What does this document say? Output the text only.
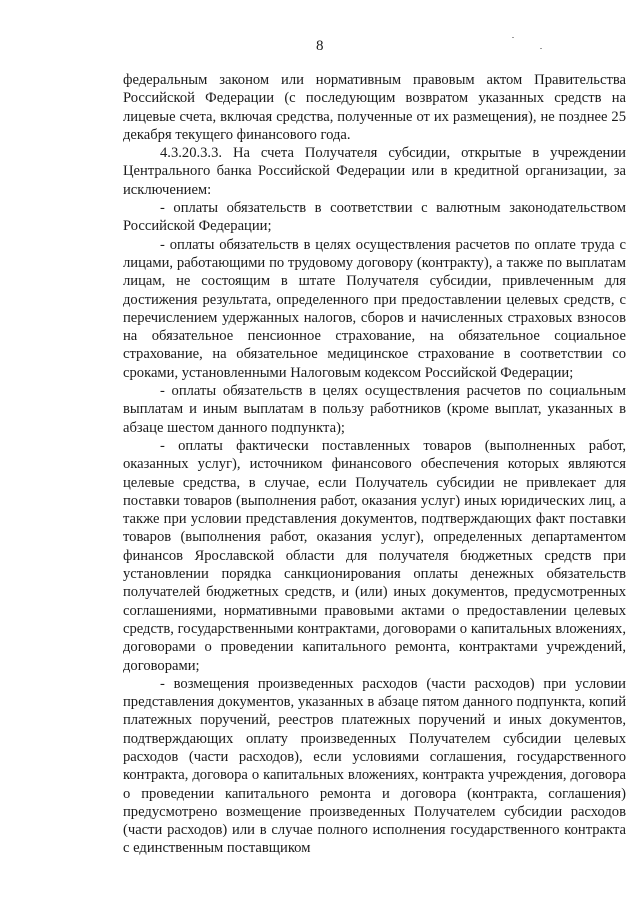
8

федеральным законом или нормативным правовым актом Правительства Российской Федерации (с последующим возвратом указанных средств на лицевые счета, включая средства, полученные от их размещения), не позднее 25 декабря текущего финансового года.

4.3.20.3.3. На счета Получателя субсидии, открытые в учреждении Центрального банка Российской Федерации или в кредитной организации, за исключением:

- оплаты обязательств в соответствии с валютным законодательством Российской Федерации;

- оплаты обязательств в целях осуществления расчетов по оплате труда с лицами, работающими по трудовому договору (контракту), а также по выплатам лицам, не состоящим в штате Получателя субсидии, привлеченным для достижения результата, определенного при предоставлении целевых средств, с перечислением удержанных налогов, сборов и начисленных страховых взносов на обязательное пенсионное страхование, на обязательное социальное страхование, на обязательное медицинское страхование в соответствии со сроками, установленными Налоговым кодексом Российской Федерации;

- оплаты обязательств в целях осуществления расчетов по социальным выплатам и иным выплатам в пользу работников (кроме выплат, указанных в абзаце шестом данного подпункта);

- оплаты фактически поставленных товаров (выполненных работ, оказанных услуг), источником финансового обеспечения которых являются целевые средства, в случае, если Получатель субсидии не привлекает для поставки товаров (выполнения работ, оказания услуг) иных юридических лиц, а также при условии представления документов, подтверждающих факт поставки товаров (выполнения работ, оказания услуг), определенных департаментом финансов Ярославской области для получателя бюджетных средств при установлении порядка санкционирования оплаты денежных обязательств получателей бюджетных средств, и (или) иных документов, предусмотренных соглашениями, нормативными правовыми актами о предоставлении целевых средств, государственными контрактами, договорами о капитальных вложениях, договорами о проведении капитального ремонта, контрактами учреждений, договорами;

- возмещения произведенных расходов (части расходов) при условии представления документов, указанных в абзаце пятом данного подпункта, копий платежных поручений, реестров платежных поручений и иных документов, подтверждающих оплату произведенных Получателем субсидии целевых расходов (части расходов), если условиями соглашения, государственного контракта, договора о капитальных вложениях, контракта учреждения, договора о проведении капитального ремонта и договора (контракта, соглашения) предусмотрено возмещение произведенных Получателем субсидии расходов (части расходов) или в случае полного исполнения государственного контракта с единственным поставщиком
